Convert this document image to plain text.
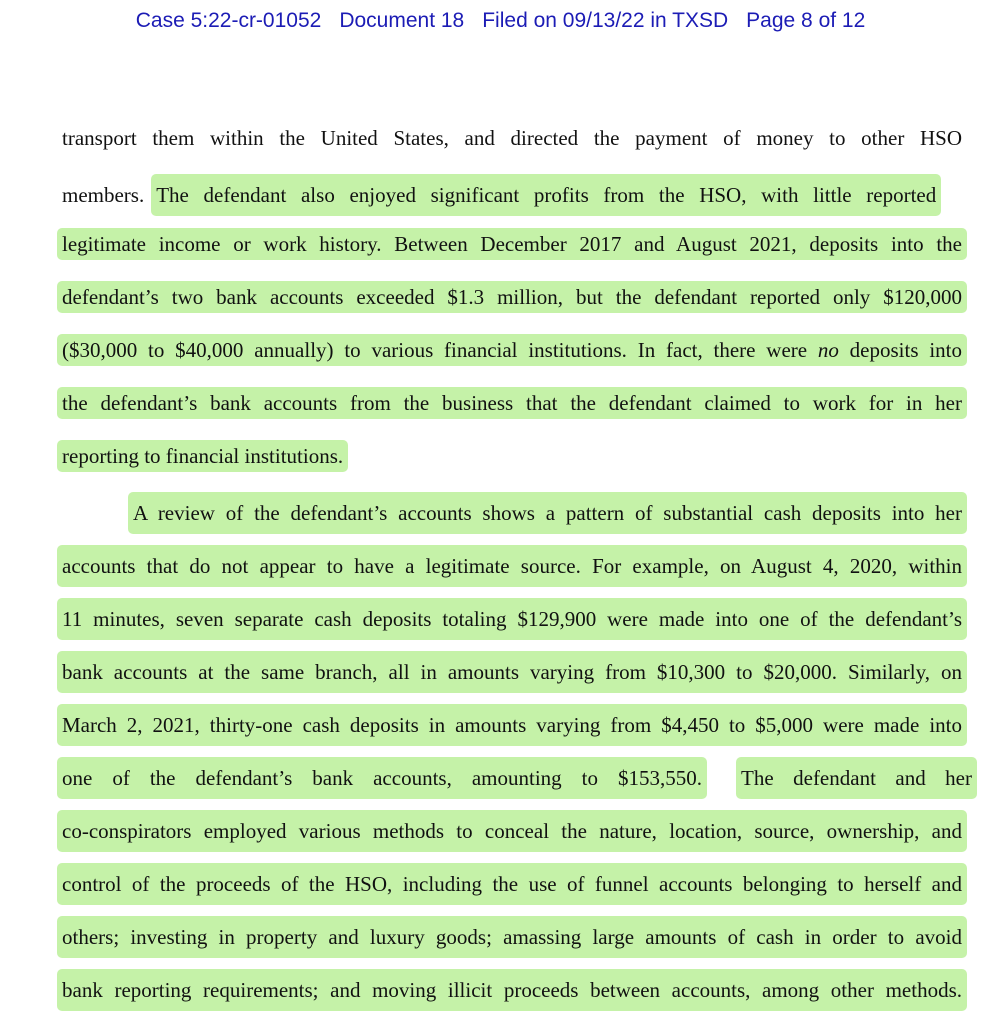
Case 5:22-cr-01052 Document 18 Filed on 09/13/22 in TXSD Page 8 of 12
transport them within the United States, and directed the payment of money to other HSO
members. The defendant also enjoyed significant profits from the HSO, with little reported
legitimate income or work history. Between December 2017 and August 2021, deposits into the
defendant’s two bank accounts exceeded $1.3 million, but the defendant reported only $120,000
($30,000 to $40,000 annually) to various financial institutions. In fact, there were no deposits into
the defendant’s bank accounts from the business that the defendant claimed to work for in her
reporting to financial institutions.
A review of the defendant’s accounts shows a pattern of substantial cash deposits into her
accounts that do not appear to have a legitimate source. For example, on August 4, 2020, within
11 minutes, seven separate cash deposits totaling $129,900 were made into one of the defendant’s
bank accounts at the same branch, all in amounts varying from $10,300 to $20,000. Similarly, on
March 2, 2021, thirty-one cash deposits in amounts varying from $4,450 to $5,000 were made into
one of the defendant’s bank accounts, amounting to $153,550. The defendant and her
co-conspirators employed various methods to conceal the nature, location, source, ownership, and
control of the proceeds of the HSO, including the use of funnel accounts belonging to herself and
others; investing in property and luxury goods; amassing large amounts of cash in order to avoid
bank reporting requirements; and moving illicit proceeds between accounts, among other methods.
